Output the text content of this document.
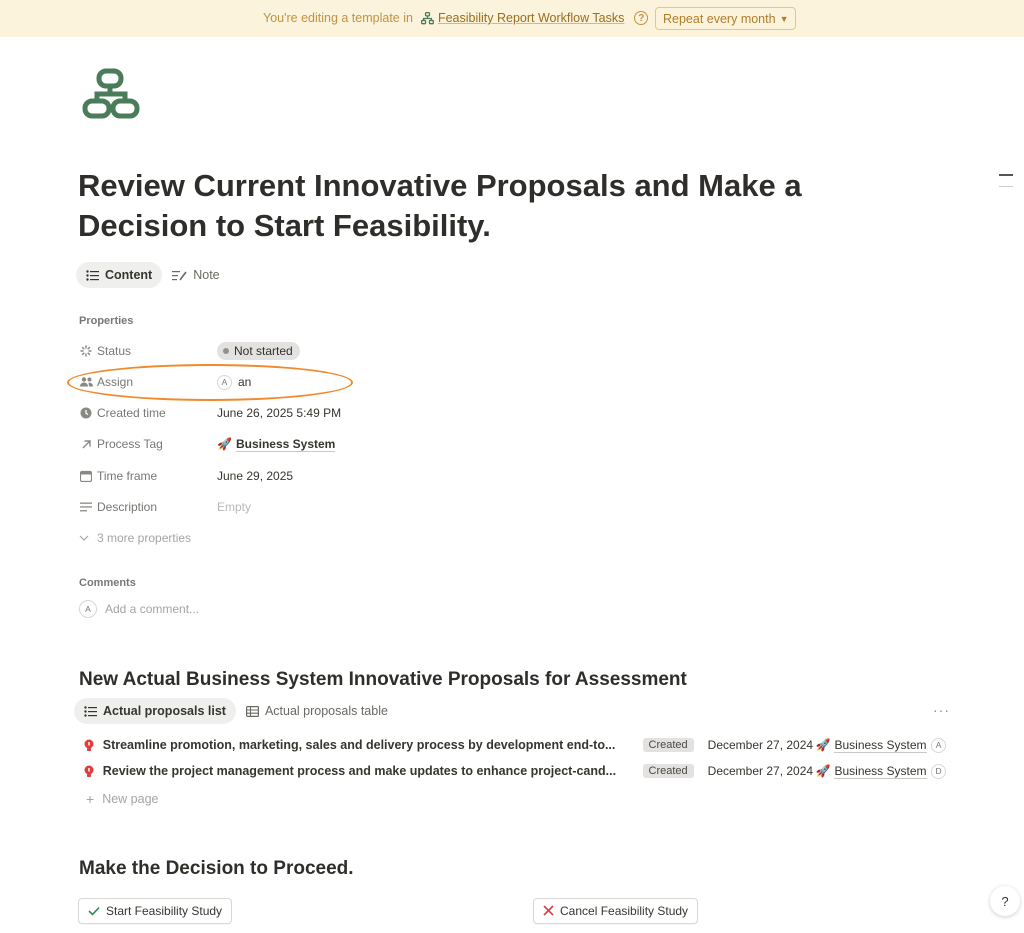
You're editing a template in Feasibility Report Workflow Tasks	?	Repeat every month ▼
Review Current Innovative Proposals and Make a Decision to Start Feasibility.
Content	Note
Properties
Status	Not started
Assign	A an
Created time	June 26, 2025 5:49 PM
Process Tag	🚀 Business System
Time frame	June 29, 2025
Description	Empty
3 more properties
Comments
A	Add a comment...
New Actual Business System Innovative Proposals for Assessment
Actual proposals list	Actual proposals table	···
Streamline promotion, marketing, sales and delivery process by development end-to...	Created	December 27, 2024 🚀 Business System	A
Review the project management process and make updates to enhance project-cand...	Created	December 27, 2024 🚀 Business System	D
+ New page
Make the Decision to Proceed.
Start Feasibility Study	Cancel Feasibility Study
?
